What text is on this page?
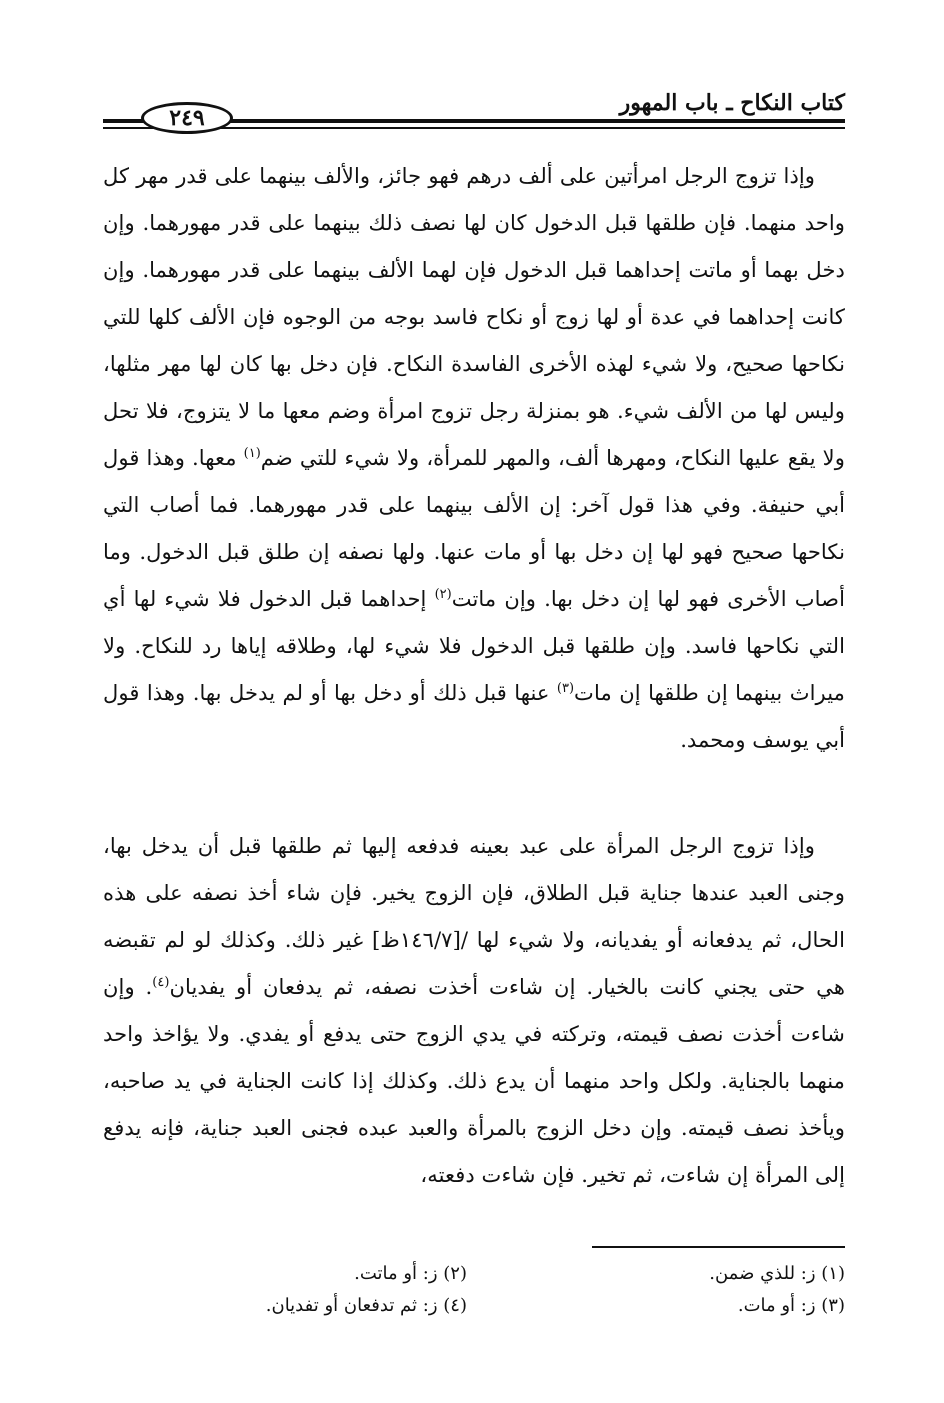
كتاب النكاح ـ باب المهور
٢٤٩

وإذا تزوج الرجل امرأتين على ألف درهم فهو جائز، والألف بينهما على قدر مهر كل واحد منهما. فإن طلقها قبل الدخول كان لها نصف ذلك بينهما على قدر مهورهما. وإن دخل بهما أو ماتت إحداهما قبل الدخول فإن لهما الألف بينهما على قدر مهورهما. وإن كانت إحداهما في عدة أو لها زوج أو نكاح فاسد بوجه من الوجوه فإن الألف كلها للتي نكاحها صحيح، ولا شيء لهذه الأخرى الفاسدة النكاح. فإن دخل بها كان لها مهر مثلها، وليس لها من الألف شيء. هو بمنزلة رجل تزوج امرأة وضم معها ما لا يتزوج، فلا تحل ولا يقع عليها النكاح، ومهرها ألف، والمهر للمرأة، ولا شيء للتي ضم$^{(١)}$ معها. وهذا قول أبي حنيفة. وفي هذا قول آخر: إن الألف بينهما على قدر مهورهما. فما أصاب التي نكاحها صحيح فهو لها إن دخل بها أو مات عنها. ولها نصفه إن طلق قبل الدخول. وما أصاب الأخرى فهو لها إن دخل بها. وإن ماتت$^{(٢)}$ إحداهما قبل الدخول فلا شيء لها أي التي نكاحها فاسد. وإن طلقها قبل الدخول فلا شيء لها، وطلاقه إياها رد للنكاح. ولا ميراث بينهما إن طلقها إن مات$^{(٣)}$ عنها قبل ذلك أو دخل بها أو لم يدخل بها. وهذا قول أبي يوسف ومحمد.

وإذا تزوج الرجل المرأة على عبد بعينه فدفعه إليها ثم طلقها قبل أن يدخل بها، وجنى العبد عندها جناية قبل الطلاق، فإن الزوج يخير. فإن شاء أخذ نصفه على هذه الحال، ثم يدفعانه أو يفديانه، ولا شيء لها /[١٤٦/٧ظ] غير ذلك. وكذلك لو لم تقبضه هي حتى يجني كانت بالخيار. إن شاءت أخذت نصفه، ثم يدفعان أو يفديان$^{(٤)}$. وإن شاءت أخذت نصف قيمته، وتركته في يدي الزوج حتى يدفع أو يفدي. ولا يؤاخذ واحد منهما بالجناية. ولكل واحد منهما أن يدع ذلك. وكذلك إذا كانت الجناية في يد صاحبه، ويأخذ نصف قيمته. وإن دخل الزوج بالمرأة والعبد عبده فجنى العبد جناية، فإنه يدفع إلى المرأة إن شاءت، ثم تخير. فإن شاءت دفعته،

(١) ز: للذي ضمن.
(٣) ز: أو مات.
(٢) ز: أو ماتت.
(٤) ز: ثم تدفعان أو تفديان.
